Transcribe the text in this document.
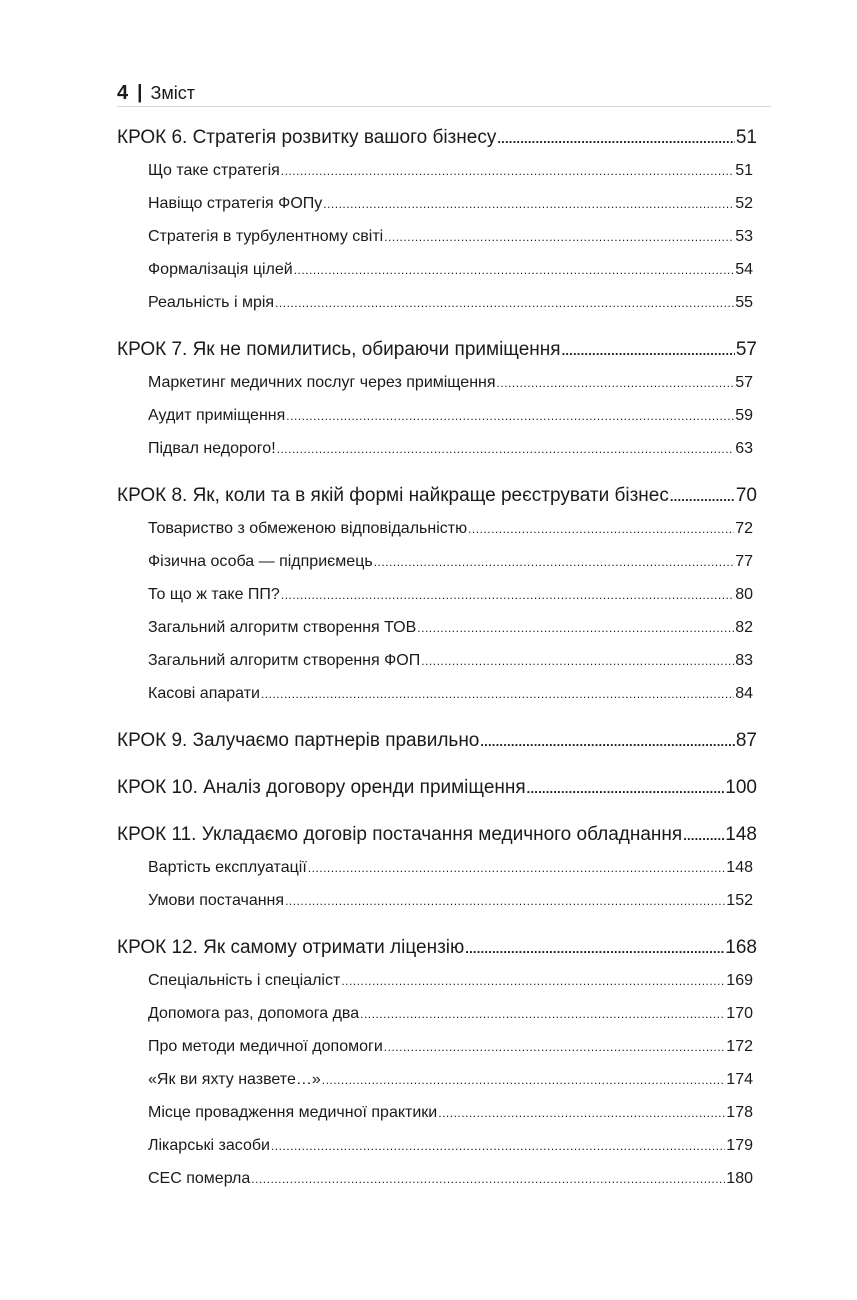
4 | Зміст
КРОК 6. Стратегія розвитку вашого бізнесу .....	51
Що таке стратегія .....	51
Навіщо стратегія ФОПу .....	52
Стратегія в турбулентному світі .....	53
Формалізація цілей .....	54
Реальність і мрія .....	55
КРОК 7. Як не помилитись, обираючи приміщення .....	57
Маркетинг медичних послуг через приміщення .....	57
Аудит приміщення .....	59
Підвал недорого! .....	63
КРОК 8. Як, коли та в якій формі найкраще реєструвати бізнес .....	70
Товариство з обмеженою відповідальністю .....	72
Фізична особа — підприємець .....	77
То що ж таке ПП? .....	80
Загальний алгоритм створення ТОВ .....	82
Загальний алгоритм створення ФОП .....	83
Касові апарати .....	84
КРОК 9. Залучаємо партнерів правильно .....	87
КРОК 10. Аналіз договору оренди приміщення .....	100
КРОК 11. Укладаємо договір постачання медичного обладнання ..... 148
Вартість експлуатації .....	148
Умови постачання .....	152
КРОК 12. Як самому отримати ліцензію .....	168
Спеціальність і спеціаліст .....	169
Допомога раз, допомога два .....	170
Про методи медичної допомоги .....	172
«Як ви яхту назвете…» .....	174
Місце провадження медичної практики .....	178
Лікарські засоби .....	179
СЕС померла .....	180
